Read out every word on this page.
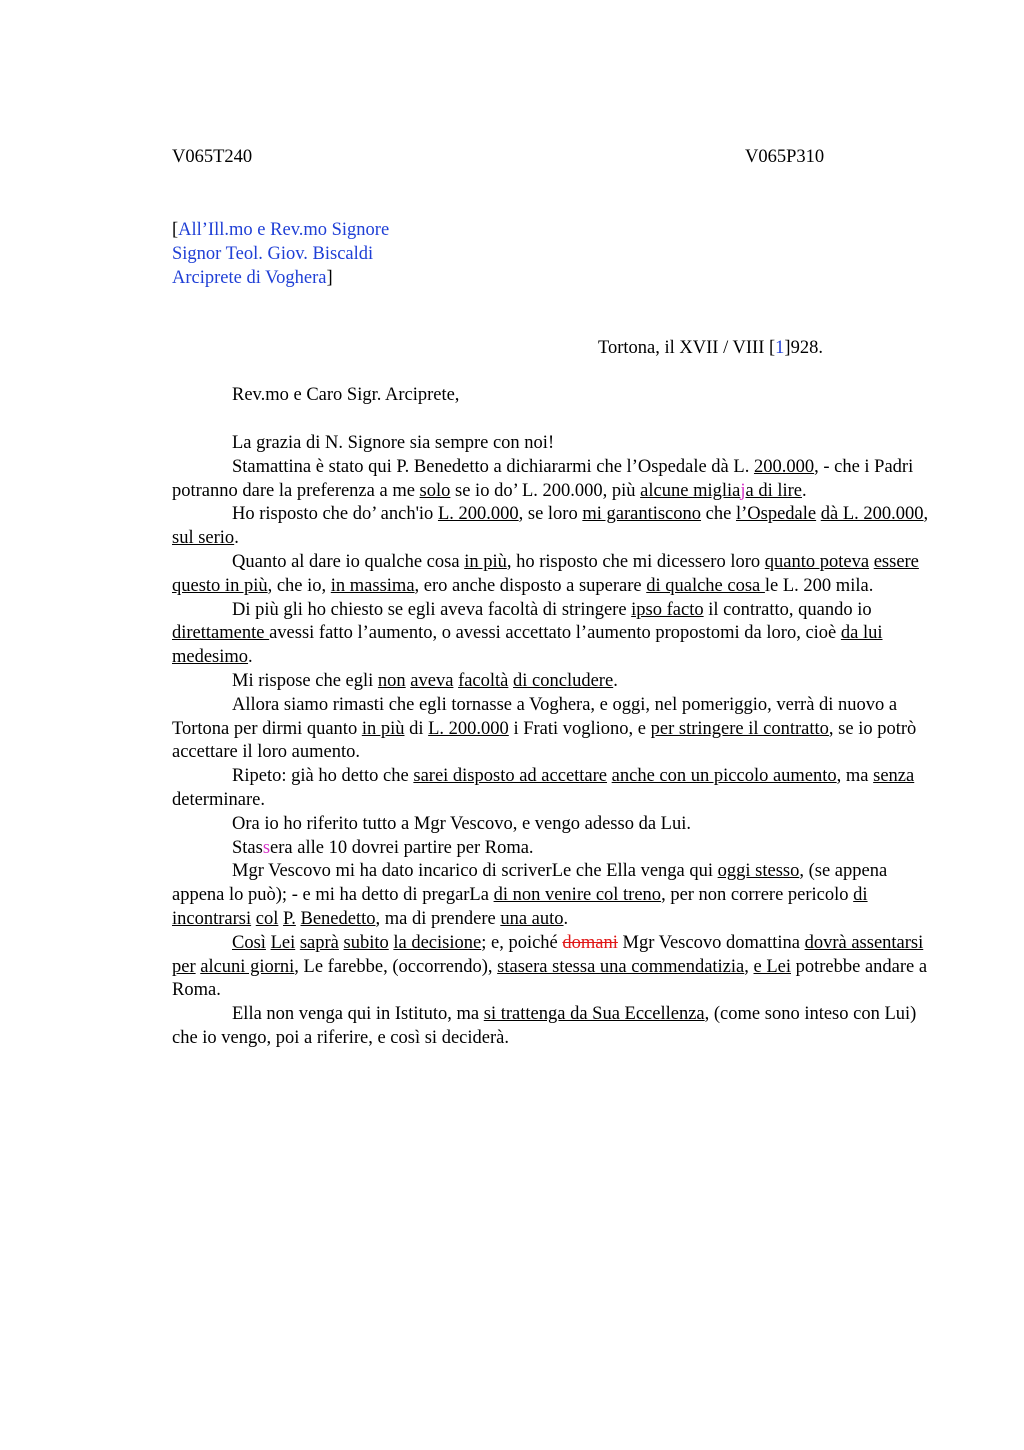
V065T240	V065P310
[All’Ill.mo e Rev.mo Signore
Signor Teol. Giov. Biscaldi
Arciprete di Voghera]
Tortona, il XVII / VIII [1]928.
Rev.mo e Caro Sigr. Arciprete,

La grazia di N. Signore sia sempre con noi!

Stamattina è stato qui P. Benedetto a dichiararmi che l’Ospedale dà L. 200.000, - che i Padri potranno dare la preferenza a me solo se io do’ L. 200.000, più alcune migliaja di lire.

Ho risposto che do’ anch'io L. 200.000, se loro mi garantiscono che l’Ospedale dà L. 200.000, sul serio.

Quanto al dare io qualche cosa in più, ho risposto che mi dicessero loro quanto poteva essere questo in più, che io, in massima, ero anche disposto a superare di qualche cosa le L. 200 mila.

Di più gli ho chiesto se egli aveva facoltà di stringere ipso facto il contratto, quando io direttamente avessi fatto l’aumento, o avessi accettato l’aumento propostomi da loro, cioè da lui medesimo.

Mi rispose che egli non aveva facoltà di concludere.

Allora siamo rimasti che egli tornasse a Voghera, e oggi, nel pomeriggio, verrà di nuovo a Tortona per dirmi quanto in più di L. 200.000 i Frati vogliono, e per stringere il contratto, se io potrò accettare il loro aumento.

Ripeto: già ho detto che sarei disposto ad accettare anche con un piccolo aumento, ma senza determinare.

Ora io ho riferito tutto a Mgr Vescovo, e vengo adesso da Lui.

Stassera alle 10 dovrei partire per Roma.

Mgr Vescovo mi ha dato incarico di scriverLe che Ella venga qui oggi stesso, (se appena appena lo può); - e mi ha detto di pregarLa di non venire col treno, per non correre pericolo di incontrarsi col P. Benedetto, ma di prendere una auto.

Così Lei saprà subito la decisione; e, poiché domani Mgr Vescovo domattina dovrà assentarsi per alcuni giorni, Le farebbe, (occorrendo), stasera stessa una commendatizia, e Lei potrebbe andare a Roma.

Ella non venga qui in Istituto, ma si trattenga da Sua Eccellenza, (come sono inteso con Lui) che io vengo, poi a riferire, e così si deciderà.
